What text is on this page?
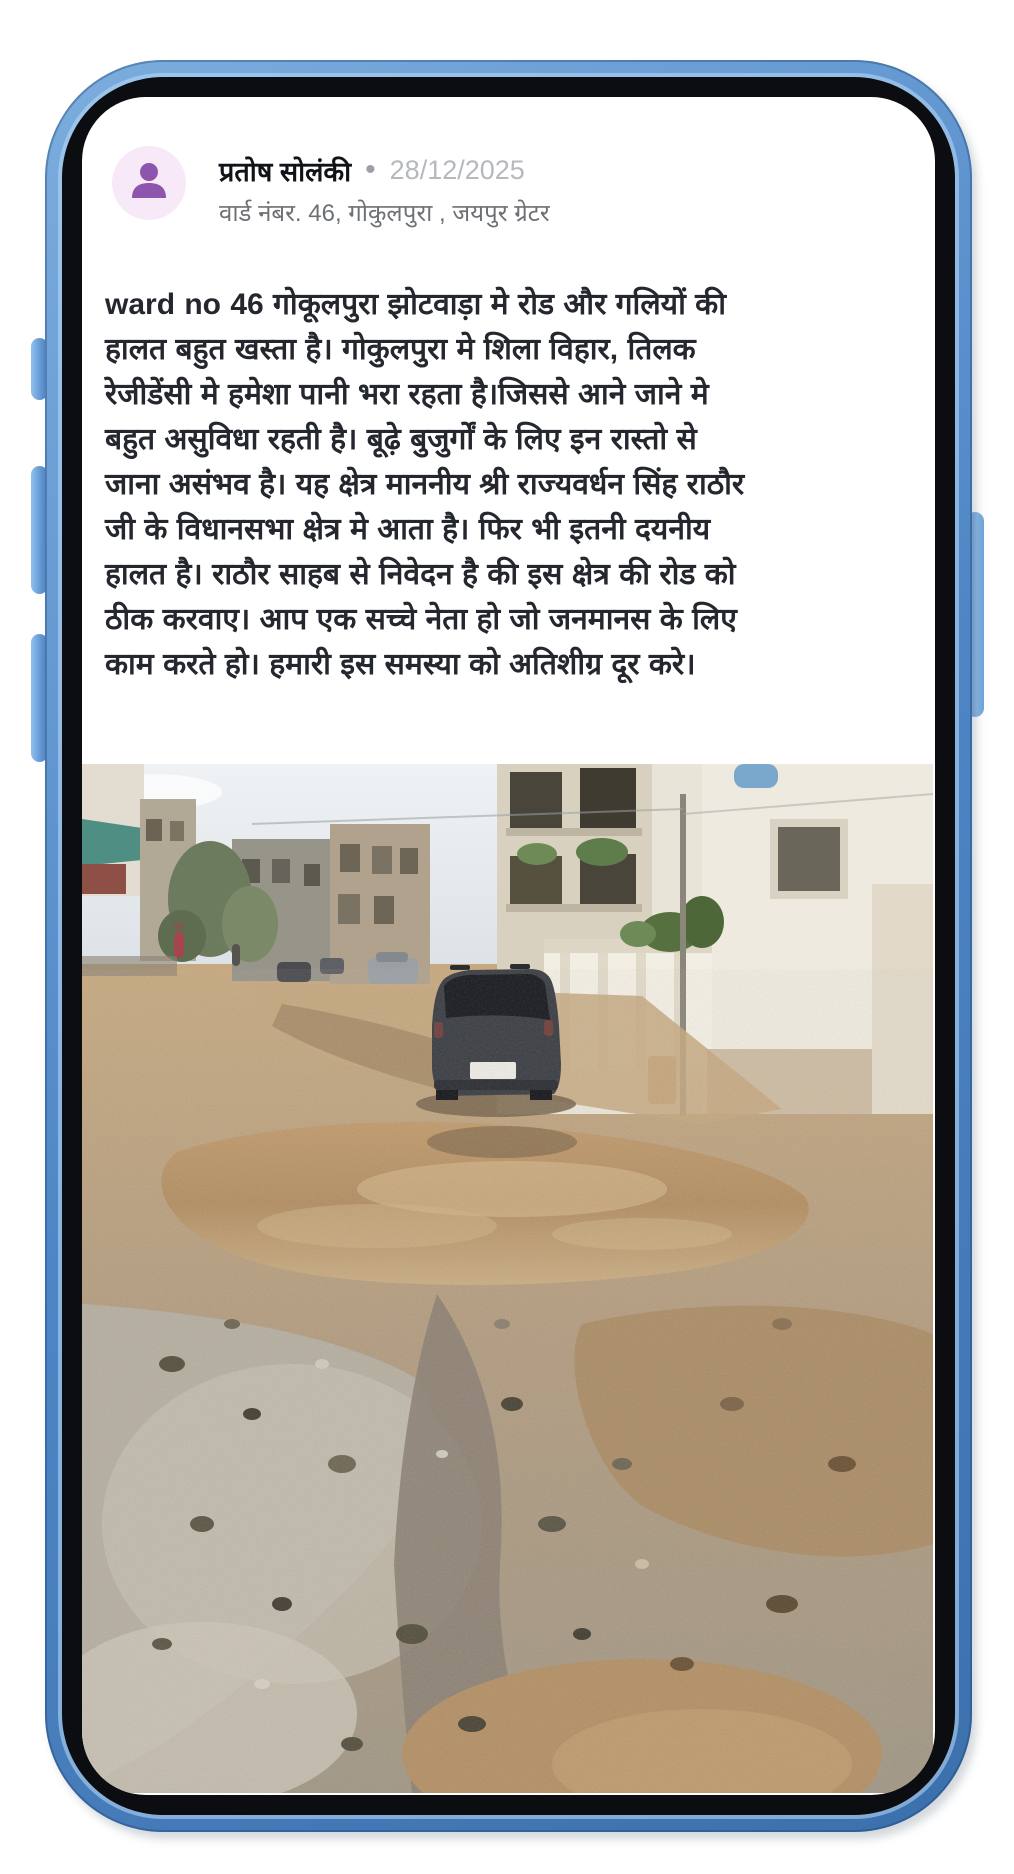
प्रतोष सोलंकी • 28/12/2025
वार्ड नंबर. 46, गोकुलपुरा , जयपुर ग्रेटर
ward no 46 गोकूलपुरा झोटवाड़ा मे रोड और गलियों की हालत बहुत खस्ता है। गोकुलपुरा मे शिला विहार, तिलक रेजीडेंसी मे हमेशा पानी भरा रहता है।जिससे आने जाने मे बहुत असुविधा रहती है। बूढ़े बुजुर्गों के लिए इन रास्तो से जाना असंभव है। यह क्षेत्र माननीय श्री राज्यवर्धन सिंह राठौर जी के विधानसभा क्षेत्र मे आता है। फिर भी इतनी दयनीय हालत है। राठौर साहब से निवेदन है की इस क्षेत्र की रोड को ठीक करवाए। आप एक सच्चे नेता हो जो जनमानस के लिए काम करते हो। हमारी इस समस्या को अतिशीग्र दूर करे।
